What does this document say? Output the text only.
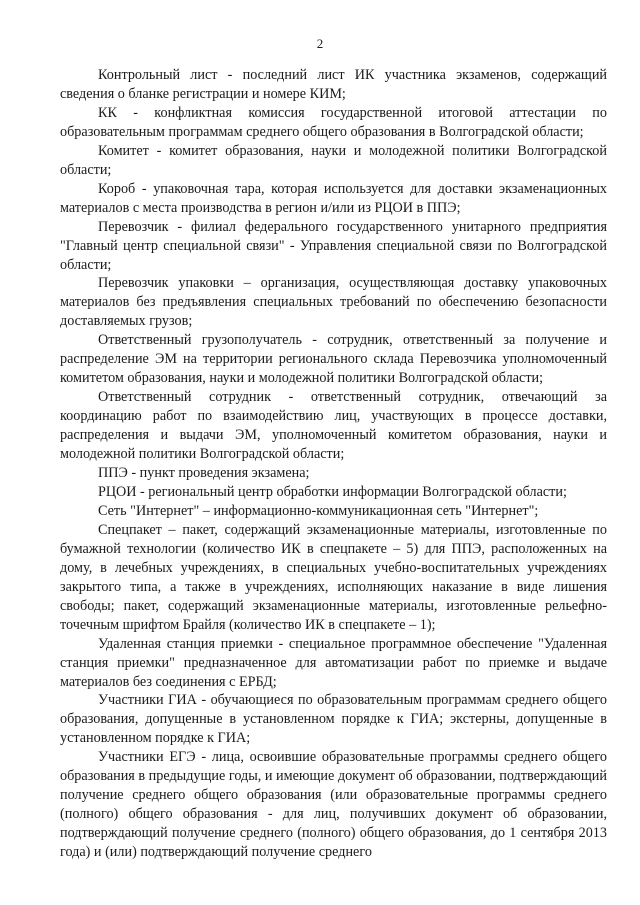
2

Контрольный лист - последний лист ИК участника экзаменов, содержащий сведения о бланке регистрации и номере КИМ;

КК - конфликтная комиссия государственной итоговой аттестации по образовательным программам среднего общего образования в Волгоградской области;

Комитет - комитет образования, науки и молодежной политики Волгоградской области;

Короб - упаковочная тара, которая используется для доставки экзаменационных материалов с места производства в регион и/или из РЦОИ в ППЭ;

Перевозчик - филиал федерального государственного унитарного предприятия "Главный центр специальной связи" - Управления специальной связи по Волгоградской области;

Перевозчик упаковки – организация, осуществляющая доставку упаковочных материалов без предъявления специальных требований по обеспечению безопасности доставляемых грузов;

Ответственный грузополучатель - сотрудник, ответственный за получение и распределение ЭМ на территории регионального склада Перевозчика уполномоченный комитетом образования, науки и молодежной политики Волгоградской области;

Ответственный сотрудник - ответственный сотрудник, отвечающий за координацию работ по взаимодействию лиц, участвующих в процессе доставки, распределения и выдачи ЭМ, уполномоченный комитетом образования, науки и молодежной политики Волгоградской области;

ППЭ - пункт проведения экзамена;

РЦОИ - региональный центр обработки информации Волгоградской области;

Сеть "Интернет" – информационно-коммуникационная сеть "Интернет";

Спецпакет – пакет, содержащий экзаменационные материалы, изготовленные по бумажной технологии (количество ИК в спецпакете – 5) для ППЭ, расположенных на дому, в лечебных учреждениях, в специальных учебно-воспитательных учреждениях закрытого типа, а также в учреждениях, исполняющих наказание в виде лишения свободы; пакет, содержащий экзаменационные материалы, изготовленные рельефно-точечным шрифтом Брайля (количество ИК в спецпакете – 1);

Удаленная станция приемки - специальное программное обеспечение "Удаленная станция приемки" предназначенное для автоматизации работ по приемке и выдаче материалов без соединения с ЕРБД;

Участники ГИА - обучающиеся по образовательным программам среднего общего образования, допущенные в установленном порядке к ГИА; экстерны, допущенные в установленном порядке к ГИА;

Участники ЕГЭ - лица, освоившие образовательные программы среднего общего образования в предыдущие годы, и имеющие документ об образовании, подтверждающий получение среднего общего образования (или образовательные программы среднего (полного) общего образования - для лиц, получивших документ об образовании, подтверждающий получение среднего (полного) общего образования, до 1 сентября 2013 года) и (или) подтверждающий получение среднего
